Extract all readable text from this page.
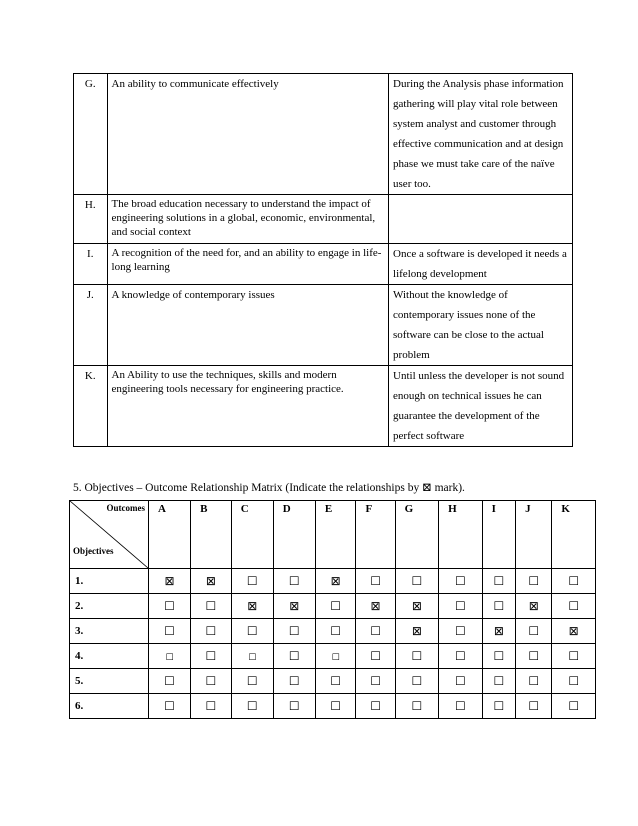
G.	An ability to communicate effectively	During the Analysis phase information gathering will play vital role between system analyst and customer through effective communication and at design phase we must take care of the naïve user too.
H.	The broad education necessary to understand the impact of engineering solutions in a global, economic, environmental, and social context	
I.	A recognition of the need for, and an ability to engage in life- long learning	Once a software is developed it needs a lifelong development
J.	A knowledge of contemporary issues	Without the knowledge of contemporary issues none of the software can be close to the actual problem
K.	An Ability to use the techniques, skills and modern engineering tools necessary for engineering practice.	Until unless the developer is not sound enough on technical issues he can guarantee the development of the perfect software
5. Objectives – Outcome Relationship Matrix (Indicate the relationships by ⊠ mark).
Outcomes
Objectives	A	B	C	D	E	F	G	H	I	J	K
1.	⊠	⊠	☐	☐	⊠	☐	☐	☐	☐	☐	☐
2.	☐	☐	⊠	⊠	☐	⊠	⊠	☐	☐	⊠	☐
3.	☐	☐	☐	☐	☐	☐	⊠	☐	⊠	☐	⊠
4.	☐	☐	☐	☐	☐	☐	☐	☐	☐	☐	☐
5.	☐	☐	☐	☐	☐	☐	☐	☐	☐	☐	☐
6.	☐	☐	☐	☐	☐	☐	☐	☐	☐	☐	☐
